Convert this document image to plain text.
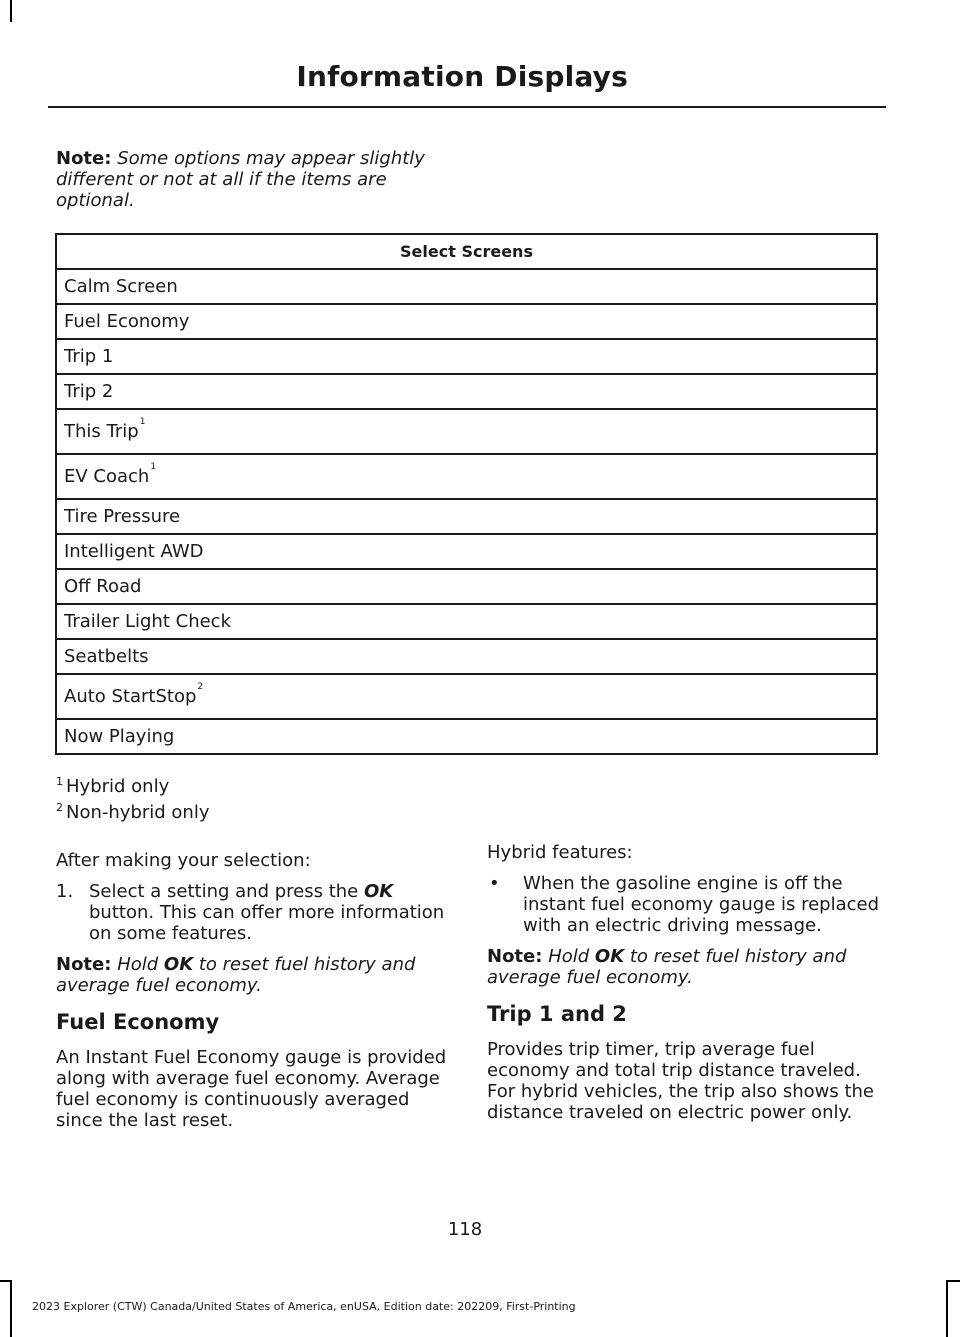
Information Displays
Note: Some options may appear slightly different or not at all if the items are optional.
Select Screens
Calm Screen
Fuel Economy
Trip 1
Trip 2
This Trip$^1$
EV Coach$^1$
Tire Pressure
Intelligent AWD
Off Road
Trailer Light Check
Seatbelts
Auto StartStop$^2$
Now Playing
$^1$ Hybrid only
$^2$ Non-hybrid only

After making your selection:

1. Select a setting and press the OK button. This can offer more information on some features.

Note: Hold OK to reset fuel history and average fuel economy.

Fuel Economy

An Instant Fuel Economy gauge is provided along with average fuel economy. Average fuel economy is continuously averaged since the last reset.

Hybrid features:

•	When the gasoline engine is off the instant fuel economy gauge is replaced with an electric driving message.

Note: Hold OK to reset fuel history and average fuel economy.

Trip 1 and 2

Provides trip timer, trip average fuel economy and total trip distance traveled. For hybrid vehicles, the trip also shows the distance traveled on electric power only.

118
2023 Explorer (CTW) Canada/United States of America, enUSA, Edition date: 202209, First-Printing
